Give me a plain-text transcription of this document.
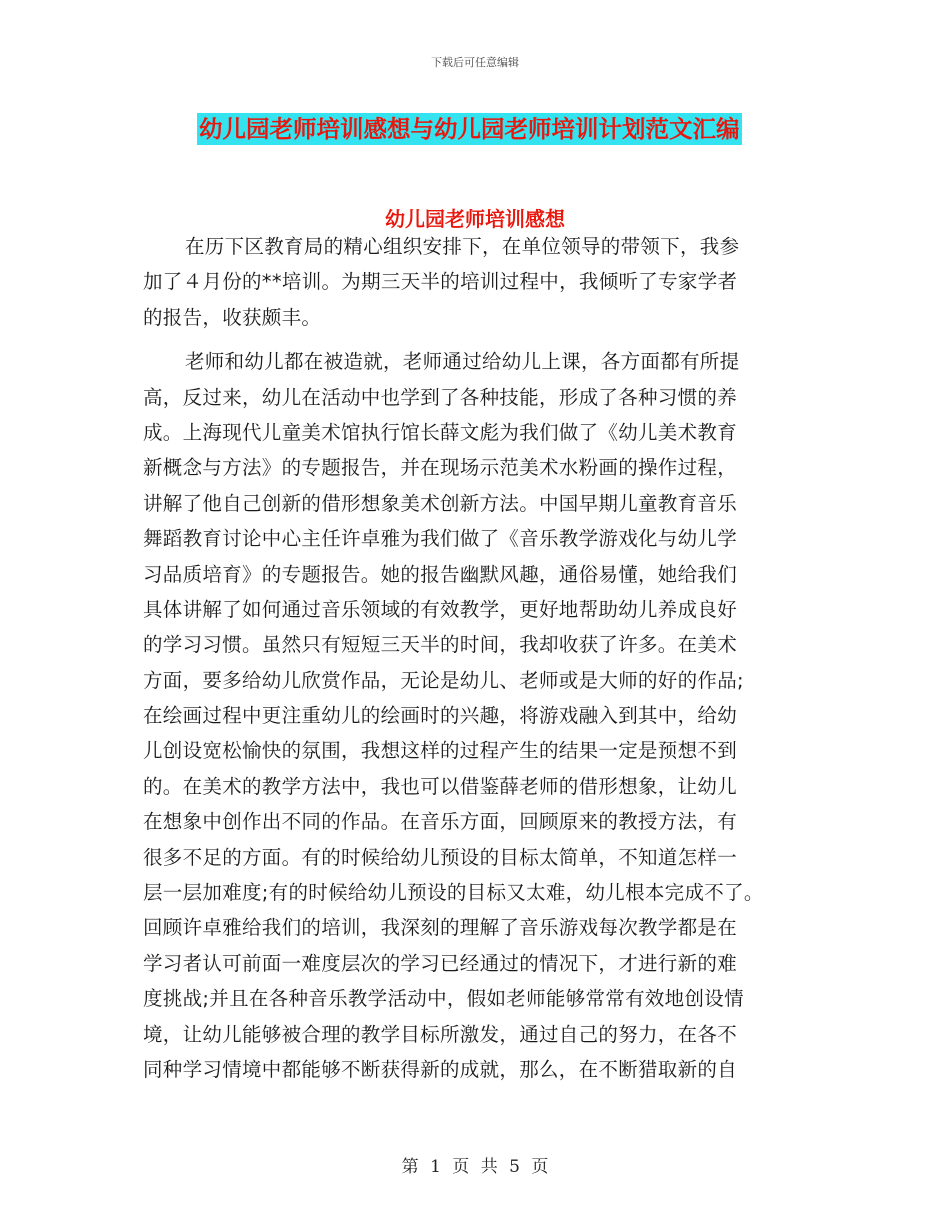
下载后可任意编辑
幼儿园老师培训感想与幼儿园老师培训计划范文汇编
幼儿园老师培训感想
在历下区教育局的精心组织安排下，在单位领导的带领下，我参
加了４月份的**培训。为期三天半的培训过程中，我倾听了专家学者
的报告，收获颇丰。
老师和幼儿都在被造就，老师通过给幼儿上课，各方面都有所提
高，反过来，幼儿在活动中也学到了各种技能，形成了各种习惯的养
成。上海现代儿童美术馆执行馆长薛文彪为我们做了《幼儿美术教育
新概念与方法》的专题报告，并在现场示范美术水粉画的操作过程，
讲解了他自己创新的借形想象美术创新方法。中国早期儿童教育音乐
舞蹈教育讨论中心主任许卓雅为我们做了《音乐教学游戏化与幼儿学
习品质培育》的专题报告。她的报告幽默风趣，通俗易懂，她给我们
具体讲解了如何通过音乐领域的有效教学，更好地帮助幼儿养成良好
的学习习惯。虽然只有短短三天半的时间，我却收获了许多。在美术
方面，要多给幼儿欣赏作品，无论是幼儿、老师或是大师的好的作品;
在绘画过程中更注重幼儿的绘画时的兴趣，将游戏融入到其中，给幼
儿创设宽松愉快的氛围，我想这样的过程产生的结果一定是预想不到
的。在美术的教学方法中，我也可以借鉴薛老师的借形想象，让幼儿
在想象中创作出不同的作品。在音乐方面，回顾原来的教授方法，有
很多不足的方面。有的时候给幼儿预设的目标太简单，不知道怎样一
层一层加难度;有的时候给幼儿预设的目标又太难，幼儿根本完成不了。
回顾许卓雅给我们的培训，我深刻的理解了音乐游戏每次教学都是在
学习者认可前面一难度层次的学习已经通过的情况下，才进行新的难
度挑战;并且在各种音乐教学活动中，假如老师能够常常有效地创设情
境，让幼儿能够被合理的教学目标所激发，通过自己的努力，在各不
同种学习情境中都能够不断获得新的成就，那么，在不断猎取新的自
第 1 页 共 5 页
